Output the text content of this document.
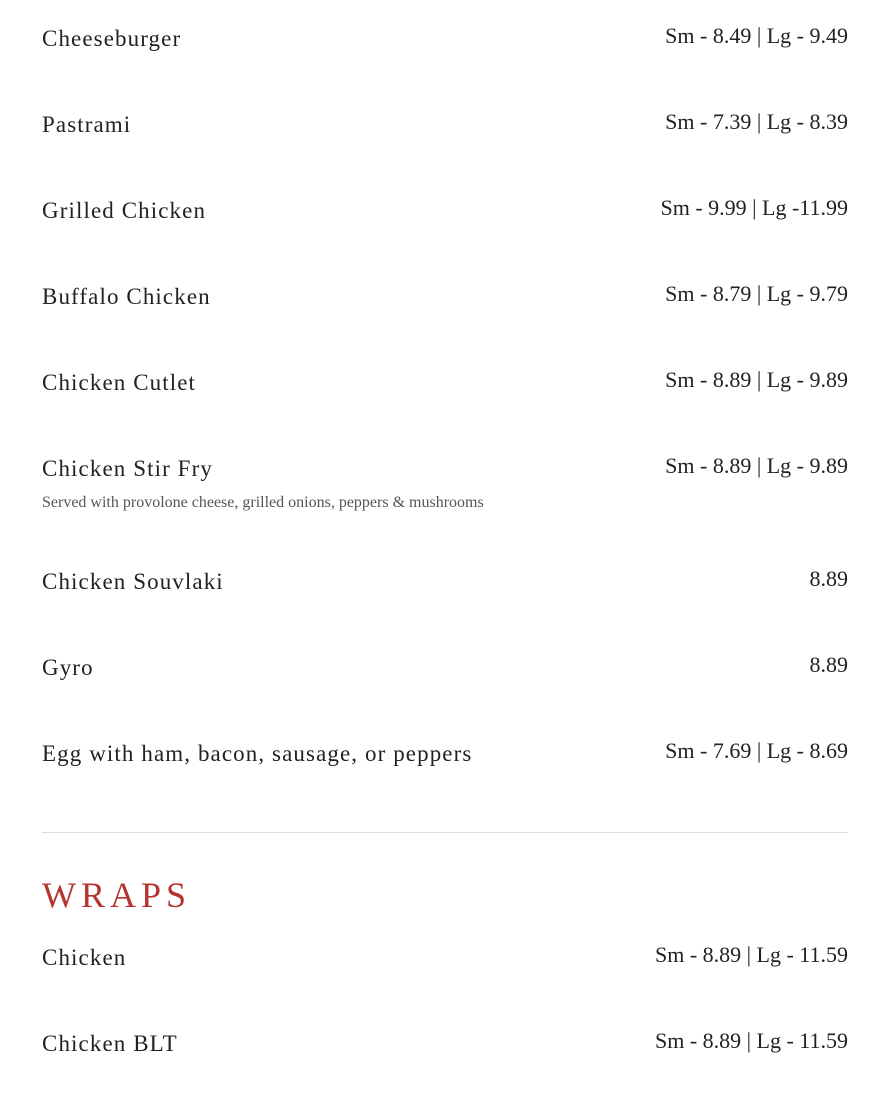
Cheeseburger	Sm - 8.49 | Lg - 9.49
Pastrami	Sm - 7.39 | Lg - 8.39
Grilled Chicken	Sm - 9.99 | Lg -11.99
Buffalo Chicken	Sm - 8.79 | Lg - 9.79
Chicken Cutlet	Sm - 8.89 | Lg - 9.89
Chicken Stir Fry	Sm - 8.89 | Lg - 9.89
Served with provolone cheese, grilled onions, peppers & mushrooms
Chicken Souvlaki	8.89
Gyro	8.89
Egg with ham, bacon, sausage, or peppers	Sm - 7.69 | Lg - 8.69
WRAPS
Chicken	Sm - 8.89 | Lg - 11.59
Chicken BLT	Sm - 8.89 | Lg - 11.59
